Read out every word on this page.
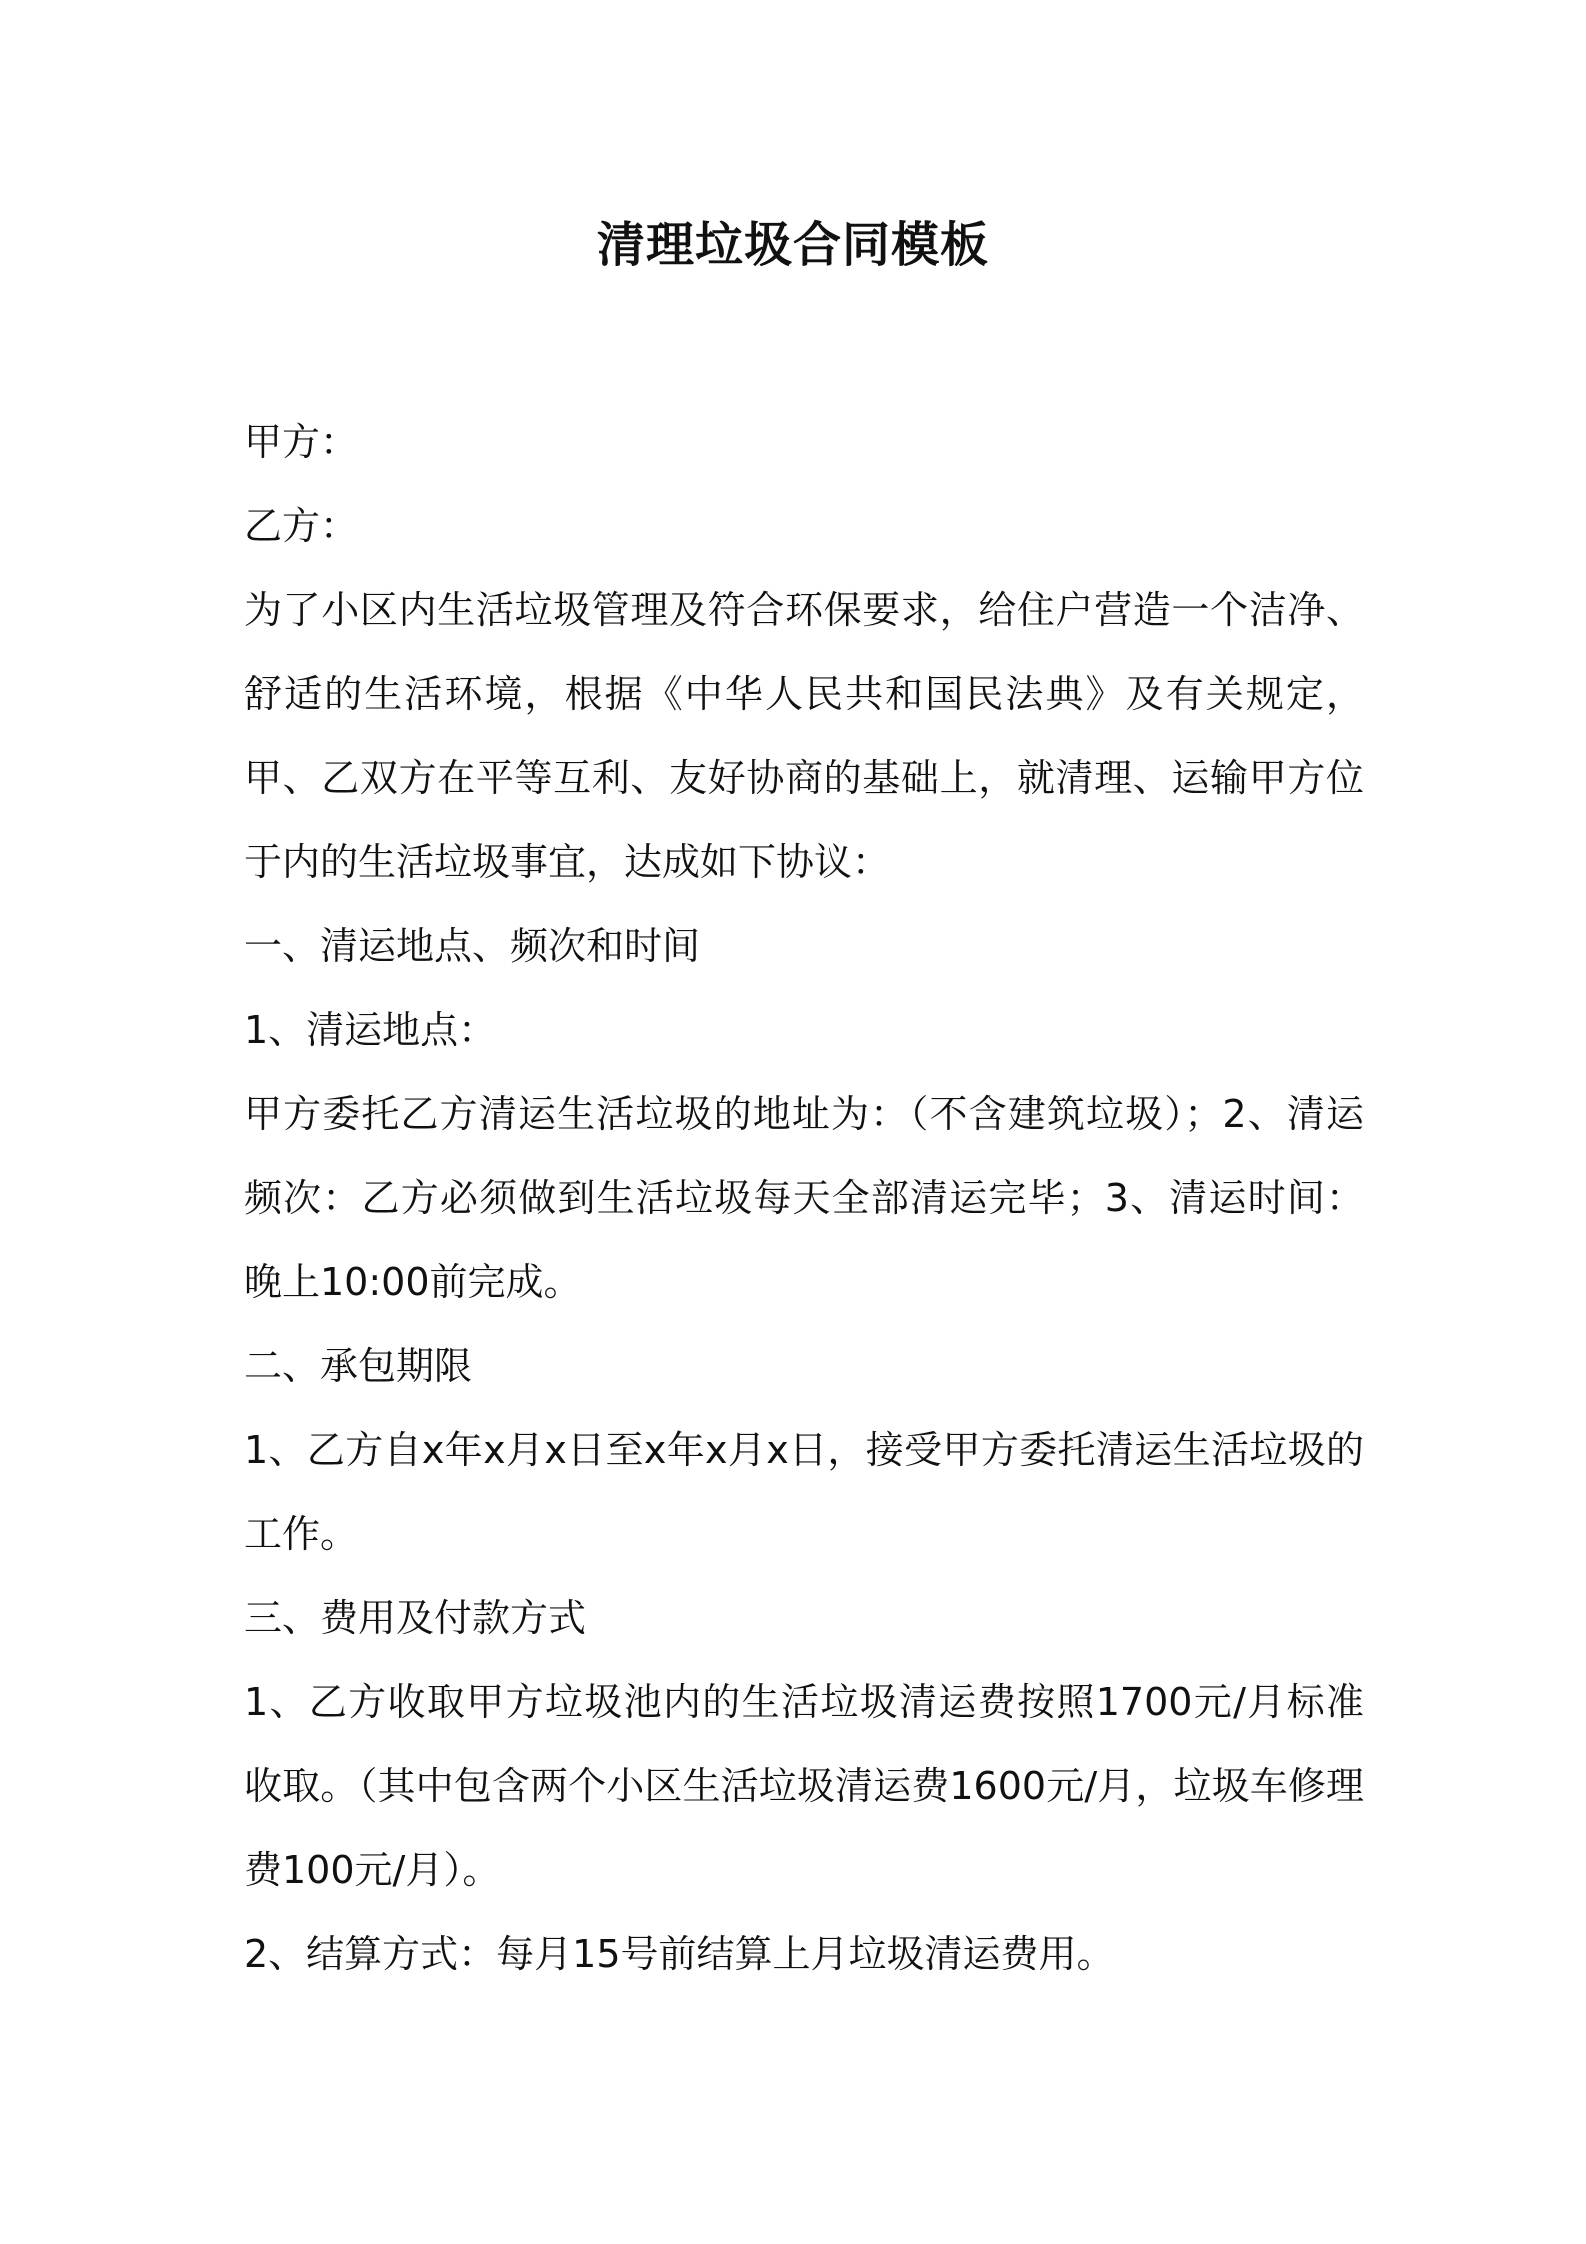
清理垃圾合同模板

甲方：

乙方：

为了小区内生活垃圾管理及符合环保要求，给住户营造一个洁净、舒适的生活环境，根据《中华人民共和国民法典》及有关规定，甲、乙双方在平等互利、友好协商的基础上，就清理、运输甲方位于内的生活垃圾事宜，达成如下协议：

一、清运地点、频次和时间

1、清运地点：

甲方委托乙方清运生活垃圾的地址为：（不含建筑垃圾）；2、清运频次：乙方必须做到生活垃圾每天全部清运完毕；3、清运时间：晚上10:00前完成。

二、承包期限

1、乙方自x年x月x日至x年x月x日，接受甲方委托清运生活垃圾的工作。

三、费用及付款方式

1、乙方收取甲方垃圾池内的生活垃圾清运费按照1700元/月标准收取。（其中包含两个小区生活垃圾清运费1600元/月，垃圾车修理费100元/月）。

2、结算方式：每月15号前结算上月垃圾清运费用。
